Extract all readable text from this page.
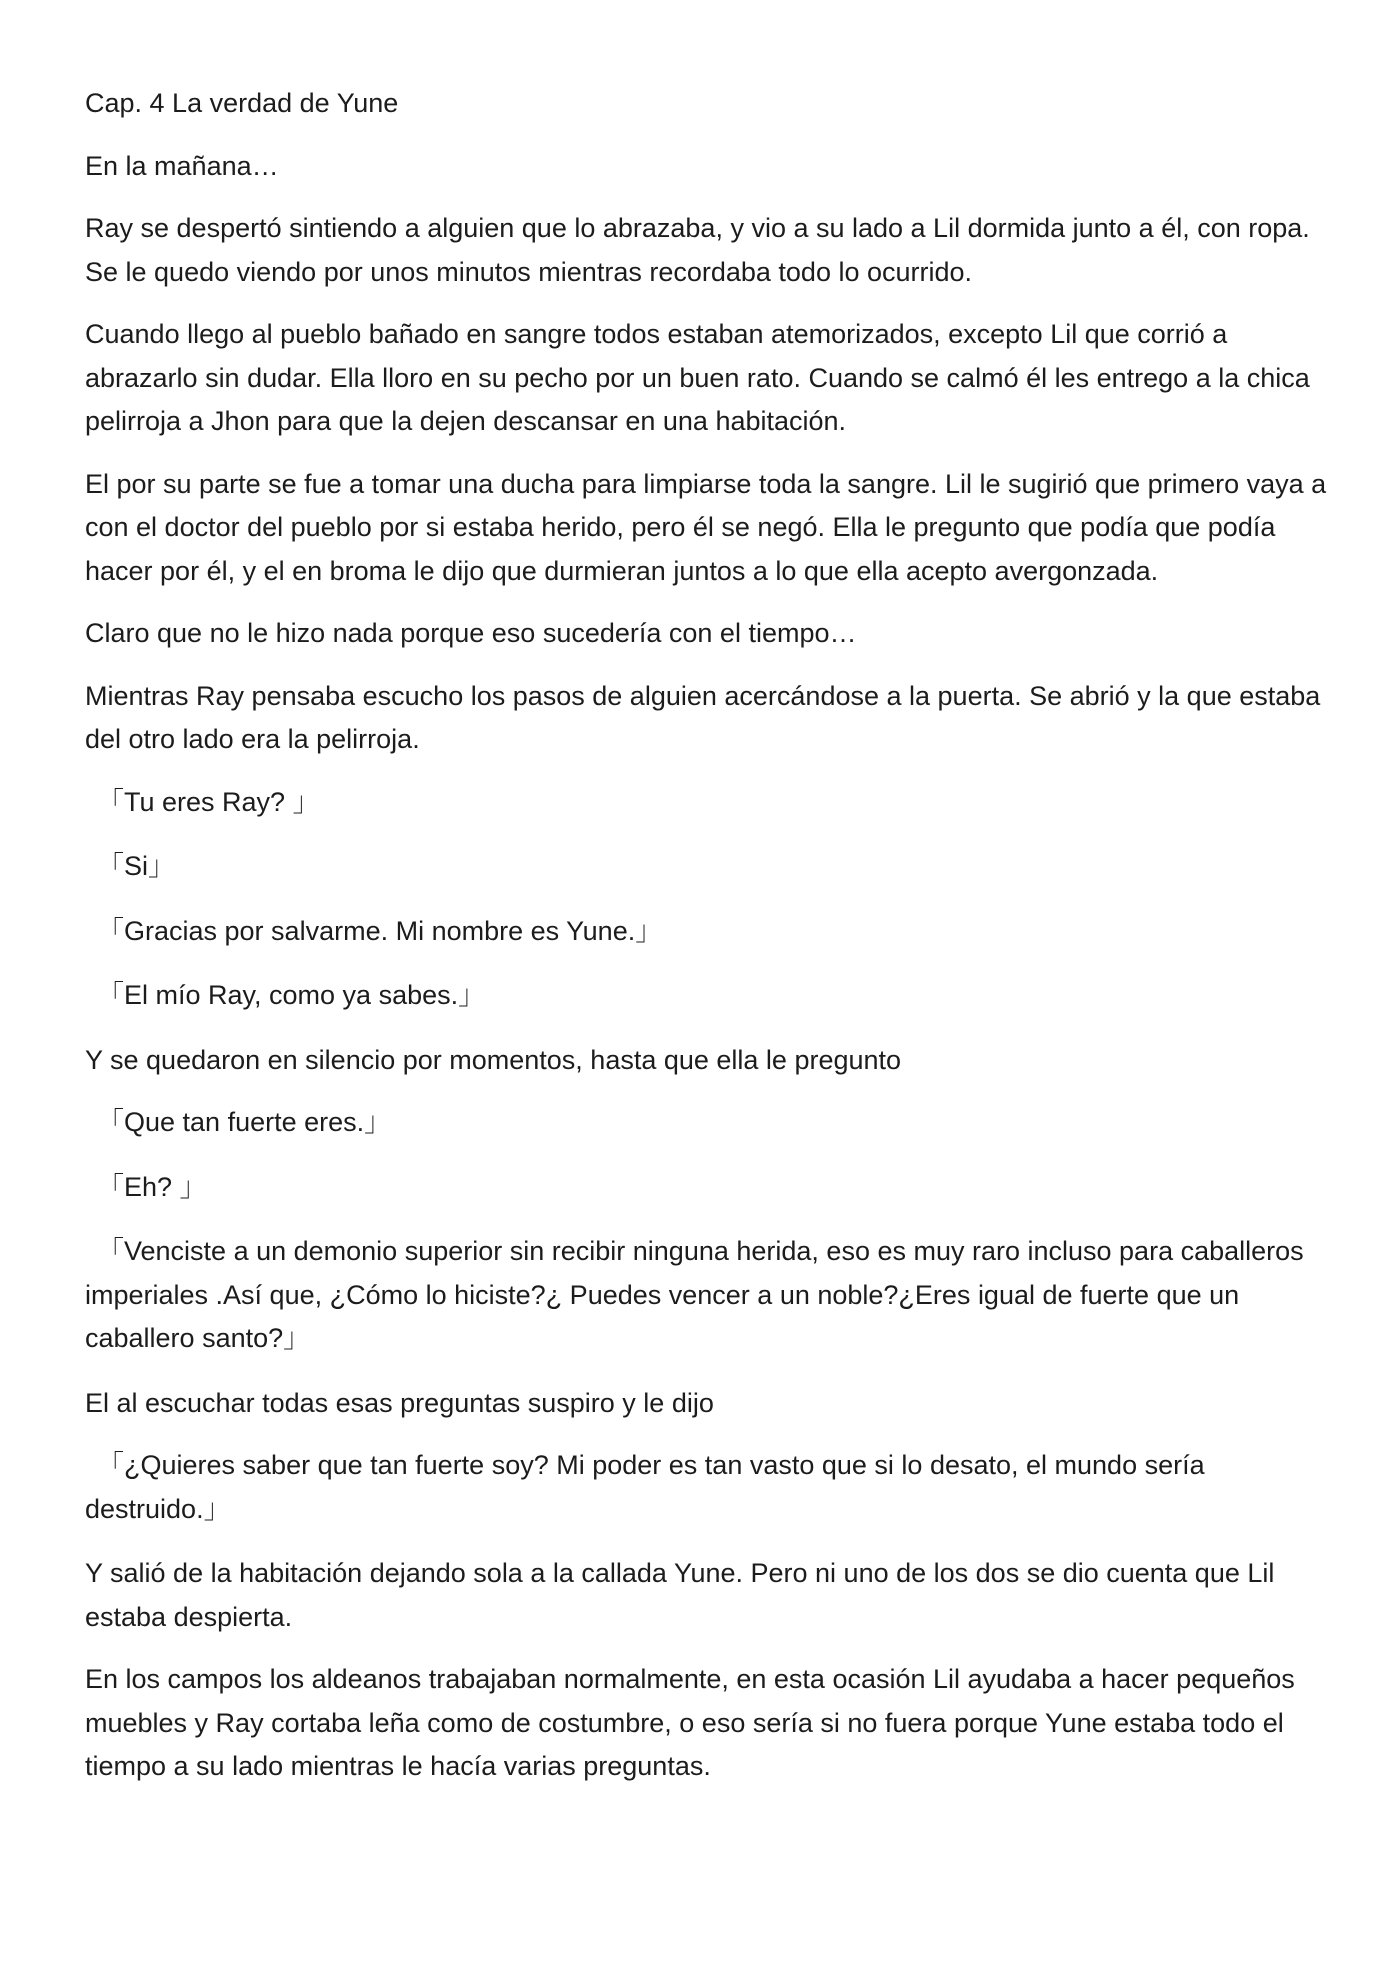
Cap. 4 La verdad de Yune

En la mañana…

Ray se despertó sintiendo a alguien que lo abrazaba, y vio a su lado a Lil dormida junto a él, con ropa. Se le quedo viendo por unos minutos mientras recordaba todo lo ocurrido.

Cuando llego al pueblo bañado en sangre todos estaban atemorizados, excepto Lil que corrió a abrazarlo sin dudar. Ella lloro en su pecho por un buen rato. Cuando se calmó él les entrego a la chica pelirroja a Jhon para que la dejen descansar en una habitación.

El por su parte se fue a tomar una ducha para limpiarse toda la sangre. Lil le sugirió que primero vaya a con el doctor del pueblo por si estaba herido, pero él se negó. Ella le pregunto que podía que podía hacer por él, y el en broma le dijo que durmieran juntos a lo que ella acepto avergonzada.

Claro que no le hizo nada porque eso sucedería con el tiempo…

Mientras Ray pensaba escucho los pasos de alguien acercándose a la puerta. Se abrió y la que estaba del otro lado era la pelirroja.

「Tu eres Ray? 」

「Si」

「Gracias por salvarme. Mi nombre es Yune.」

「El mío Ray, como ya sabes.」

Y se quedaron en silencio por momentos, hasta que ella le pregunto

「Que tan fuerte eres.」

「Eh? 」

「Venciste a un demonio superior sin recibir ninguna herida, eso es muy raro incluso para caballeros imperiales .Así que, ¿Cómo lo hiciste?¿ Puedes vencer a un noble?¿Eres igual de fuerte que un caballero santo?」

El al escuchar todas esas preguntas suspiro y le dijo

「¿Quieres saber que tan fuerte soy? Mi poder es tan vasto que si lo desato, el mundo sería destruido.」

Y salió de la habitación dejando sola a la callada Yune. Pero ni uno de los dos se dio cuenta que Lil estaba despierta.

En los campos los aldeanos trabajaban normalmente, en esta ocasión Lil ayudaba a hacer pequeños muebles y Ray cortaba leña como de costumbre, o eso sería si no fuera porque Yune estaba todo el tiempo a su lado mientras le hacía varias preguntas.
